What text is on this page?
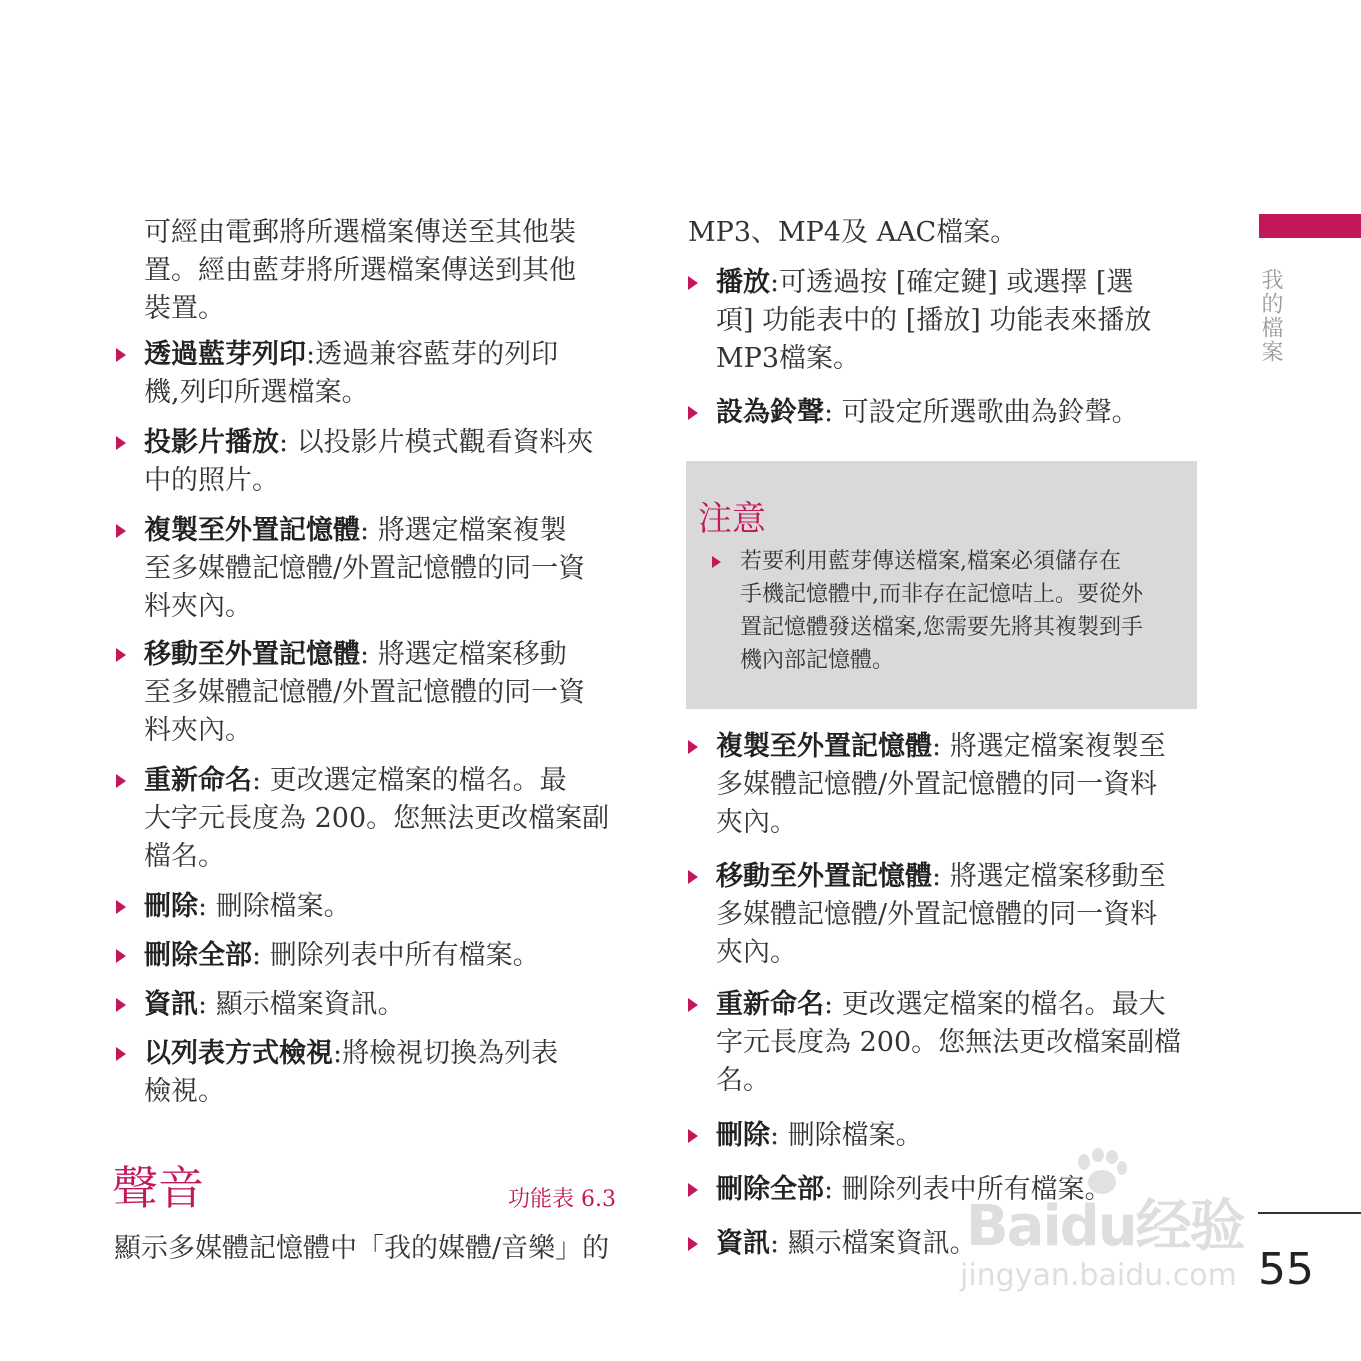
可經由電郵將所選檔案傳送至其他裝
置。經由藍芽將所選檔案傳送到其他
裝置。
透過藍芽列印:透過兼容藍芽的列印
機,列印所選檔案。
投影片播放: 以投影片模式觀看資料夾
中的照片。
複製至外置記憶體: 將選定檔案複製
至多媒體記憶體/外置記憶體的同一資
料夾內。
移動至外置記憶體: 將選定檔案移動
至多媒體記憶體/外置記憶體的同一資
料夾內。
重新命名: 更改選定檔案的檔名。最
大字元長度為 200。您無法更改檔案副
檔名。
刪除: 刪除檔案。
刪除全部: 刪除列表中所有檔案。
資訊: 顯示檔案資訊。
以列表方式檢視:將檢視切換為列表
檢視。
聲音	功能表 6.3
顯示多媒體記憶體中「我的媒體/音樂」的
MP3、MP4及 AAC檔案。
播放:可透過按 [確定鍵] 或選擇 [選
項] 功能表中的 [播放] 功能表來播放
MP3檔案。
設為鈴聲: 可設定所選歌曲為鈴聲。
注意
若要利用藍芽傳送檔案,檔案必須儲存在
手機記憶體中,而非存在記憶咭上。要從外
置記憶體發送檔案,您需要先將其複製到手
機內部記憶體。
複製至外置記憶體: 將選定檔案複製至
多媒體記憶體/外置記憶體的同一資料
夾內。
移動至外置記憶體: 將選定檔案移動至
多媒體記憶體/外置記憶體的同一資料
夾內。
重新命名: 更改選定檔案的檔名。最大
字元長度為 200。您無法更改檔案副檔
名。
刪除: 刪除檔案。
刪除全部: 刪除列表中所有檔案。
資訊: 顯示檔案資訊。
我的檔案
55
Baidu经验
jingyan.baidu.com
